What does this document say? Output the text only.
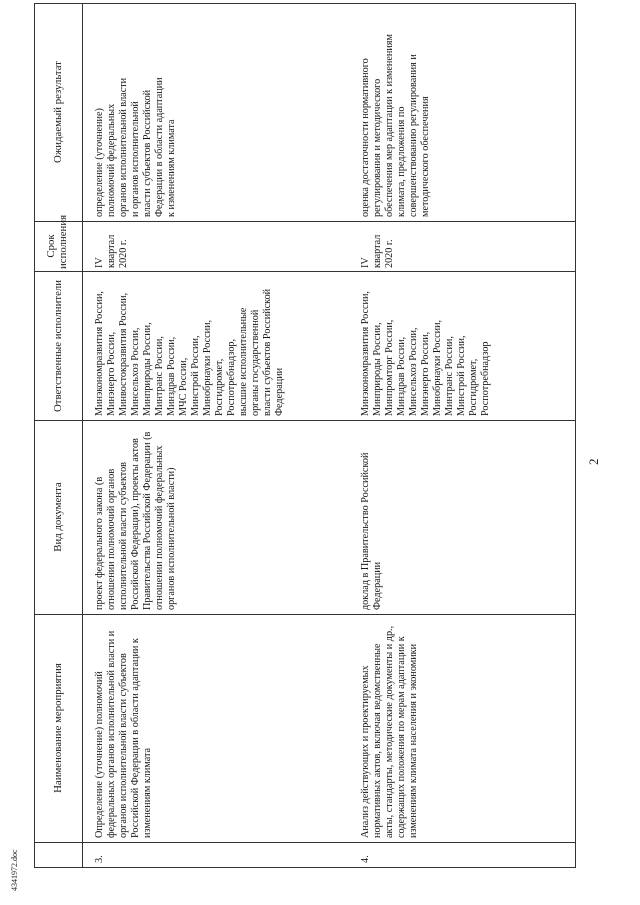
2
Наименование мероприятия
Вид документа
Ответственные исполнители
Срок исполнения
Ожидаемый результат
3.
Определение (уточнение) полномочий федеральных органов исполнительной власти и органов исполнительной власти субъектов Российской Федерации в области адаптации к изменениям климата
проект федерального закона (в отношении полномочий органов исполнительной власти субъектов Российской Федерации), проекты актов Правительства Российской Федерации (в отношении полномочий федеральных органов исполнительной власти)
Минэкономразвития России, Минэнерго России, Минвостокразвития России, Минсельхоз России, Минприроды России, Минтранс России, Минздрав России, МЧС России, Минстрой России, Минобрнауки России, Росгидромет, Роспотребнадзор, высшие исполнительные органы государственной власти субъектов Российской Федерации
IV квартал 2020 г.
определение (уточнение) полномочий федеральных органов исполнительной власти и органов исполнительной власти субъектов Российской Федерации в области адаптации к изменениям климата
4.
Анализ действующих и проектируемых нормативных актов, включая ведомственные акты, стандарты, методические документы и др., содержащих положения по мерам адаптации к изменениям климата населения и экономики
доклад в Правительство Российской Федерации
Минэкономразвития России, Минприроды России, Минпромторг России, Минздрав России, Минсельхоз России, Минэнерго России, Минобрнауки России, Минтранс России, Минстрой России, Росгидромет, Роспотребнадзор
IV квартал 2020 г.
оценка достаточности нормативного регулирования и методического обеспечения мер адаптации к изменениям климата, предложения по совершенствованию регулирования и методического обеспечения
4341972.doc
